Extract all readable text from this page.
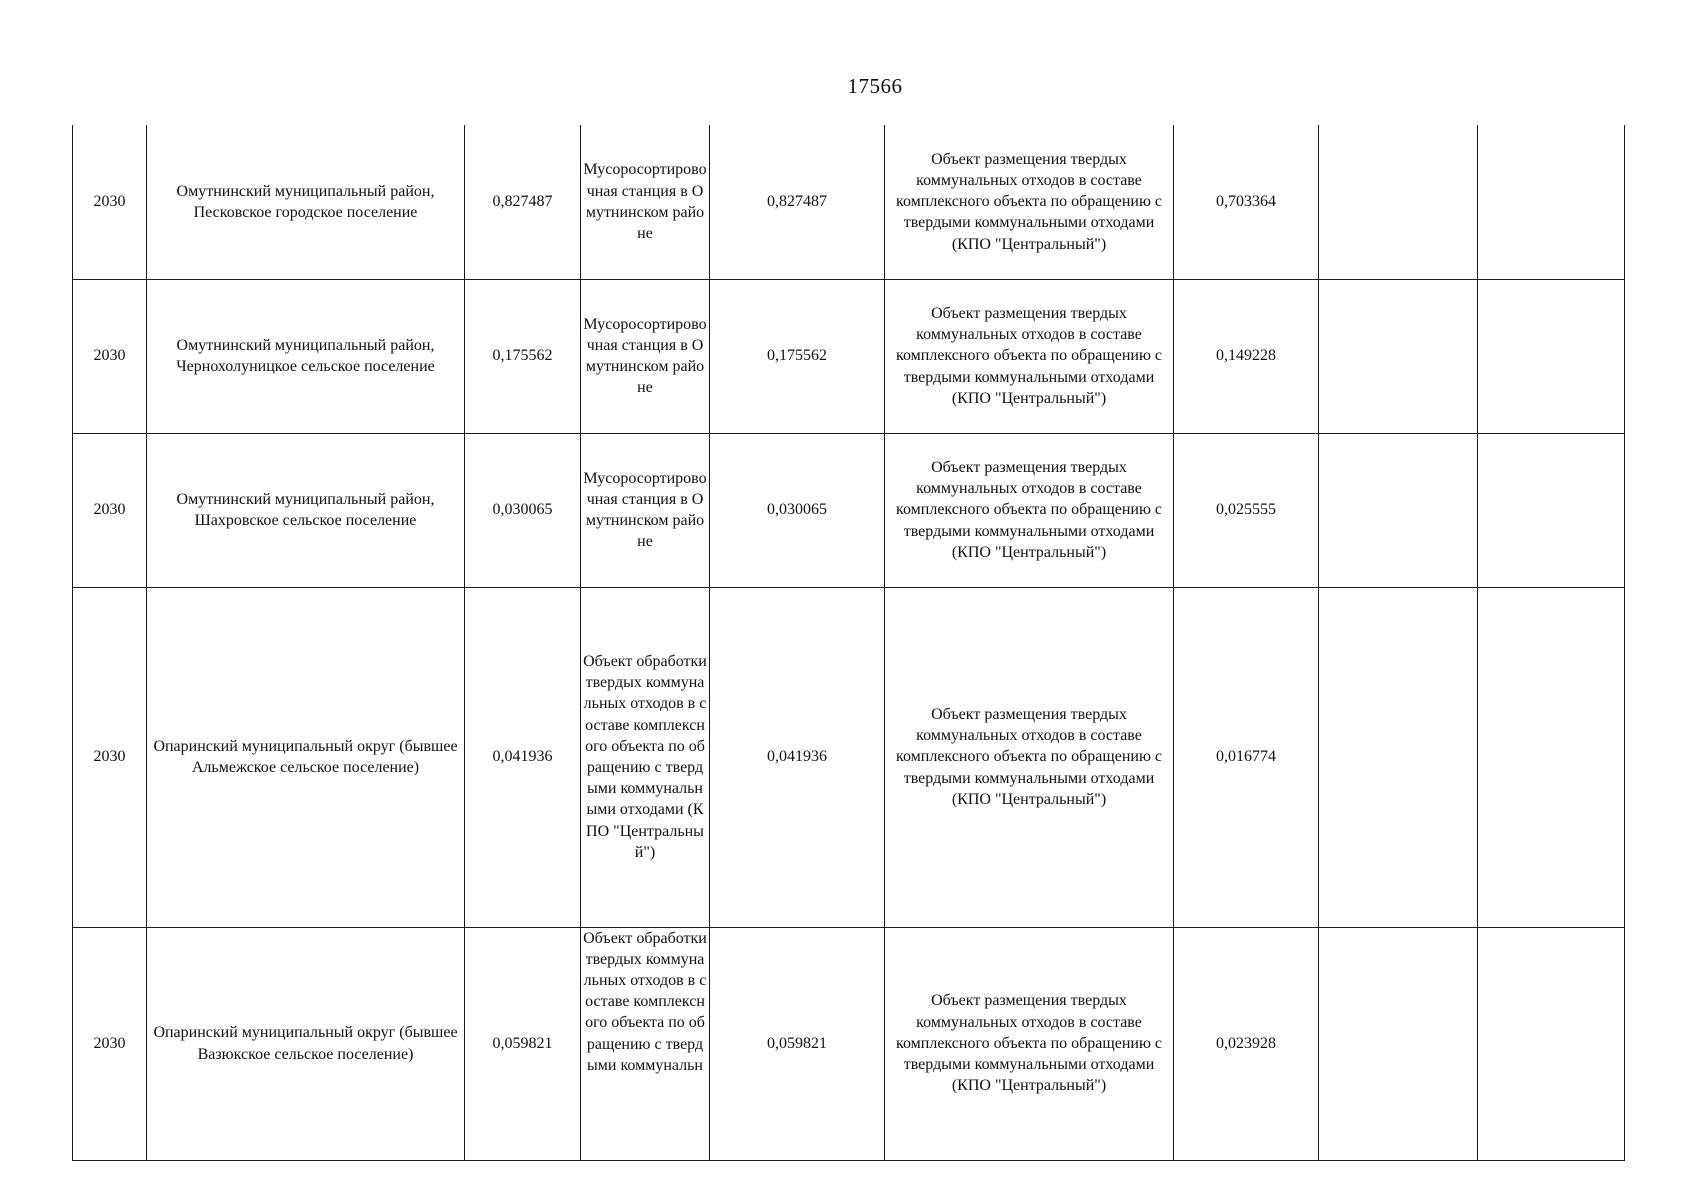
17566
2030	Омутнинский муниципальный район, Песковское городское поселение	0,827487	Мусоросортировочная станция в Омутнинском районе	0,827487	Объект размещения твердых коммунальных отходов в составе комплексного объекта по обращению с твердыми коммунальными отходами (КПО "Центральный")	0,703364		
2030	Омутнинский муниципальный район, Чернохолуницкое сельское поселение	0,175562	Мусоросортировочная станция в Омутнинском районе	0,175562	Объект размещения твердых коммунальных отходов в составе комплексного объекта по обращению с твердыми коммунальными отходами (КПО "Центральный")	0,149228		
2030	Омутнинский муниципальный район, Шахровское сельское поселение	0,030065	Мусоросортировочная станция в Омутнинском районе	0,030065	Объект размещения твердых коммунальных отходов в составе комплексного объекта по обращению с твердыми коммунальными отходами (КПО "Центральный")	0,025555		
2030	Опаринский муниципальный округ (бывшее Альмежское сельское поселение)	0,041936	Объект обработки твердых коммунальных отходов в составе комплексного объекта по обращению с твердыми коммунальными отходами (КПО "Центральный")	0,041936	Объект размещения твердых коммунальных отходов в составе комплексного объекта по обращению с твердыми коммунальными отходами (КПО "Центральный")	0,016774		
2030	Опаринский муниципальный округ (бывшее Вазюкское сельское поселение)	0,059821	Объект обработки твердых коммунальных отходов в составе комплексного объекта по обращению с твердыми коммунальн	0,059821	Объект размещения твердых коммунальных отходов в составе комплексного объекта по обращению с твердыми коммунальными отходами (КПО "Центральный")	0,023928		
